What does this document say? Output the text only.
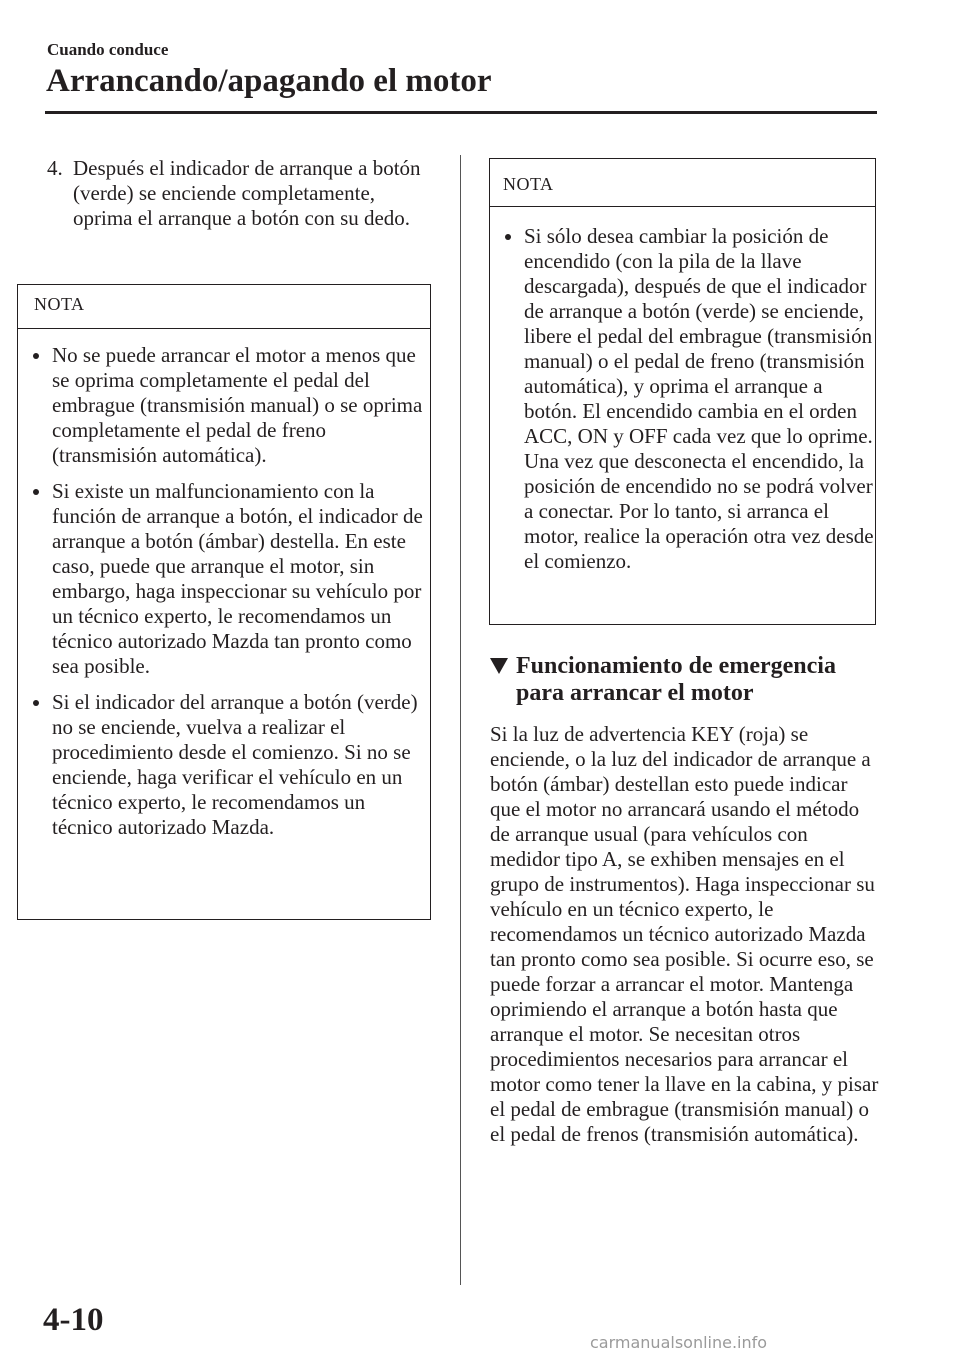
Cuando conduce
Arrancando/apagando el motor
4. Después el indicador de arranque a botón (verde) se enciende completamente, oprima el arranque a botón con su dedo.
NOTA
No se puede arrancar el motor a menos que se oprima completamente el pedal del embrague (transmisión manual) o se oprima completamente el pedal de freno (transmisión automática).
Si existe un malfuncionamiento con la función de arranque a botón, el indicador de arranque a botón (ámbar) destella. En este caso, puede que arranque el motor, sin embargo, haga inspeccionar su vehículo por un técnico experto, le recomendamos un técnico autorizado Mazda tan pronto como sea posible.
Si el indicador del arranque a botón (verde) no se enciende, vuelva a realizar el procedimiento desde el comienzo. Si no se enciende, haga verificar el vehículo en un técnico experto, le recomendamos un técnico autorizado Mazda.
NOTA
Si sólo desea cambiar la posición de encendido (con la pila de la llave descargada), después de que el indicador de arranque a botón (verde) se enciende, libere el pedal del embrague (transmisión manual) o el pedal de freno (transmisión automática), y oprima el arranque a botón. El encendido cambia en el orden ACC, ON y OFF cada vez que lo oprime. Una vez que desconecta el encendido, la posición de encendido no se podrá volver a conectar. Por lo tanto, si arranca el motor, realice la operación otra vez desde el comienzo.
Funcionamiento de emergencia para arrancar el motor
Si la luz de advertencia KEY (roja) se enciende, o la luz del indicador de arranque a botón (ámbar) destellan esto puede indicar que el motor no arrancará usando el método de arranque usual (para vehículos con medidor tipo A, se exhiben mensajes en el grupo de instrumentos). Haga inspeccionar su vehículo en un técnico experto, le recomendamos un técnico autorizado Mazda tan pronto como sea posible. Si ocurre eso, se puede forzar a arrancar el motor. Mantenga oprimiendo el arranque a botón hasta que arranque el motor. Se necesitan otros procedimientos necesarios para arrancar el motor como tener la llave en la cabina, y pisar el pedal de embrague (transmisión manual) o el pedal de frenos (transmisión automática).
4-10
carmanualsonline.info
